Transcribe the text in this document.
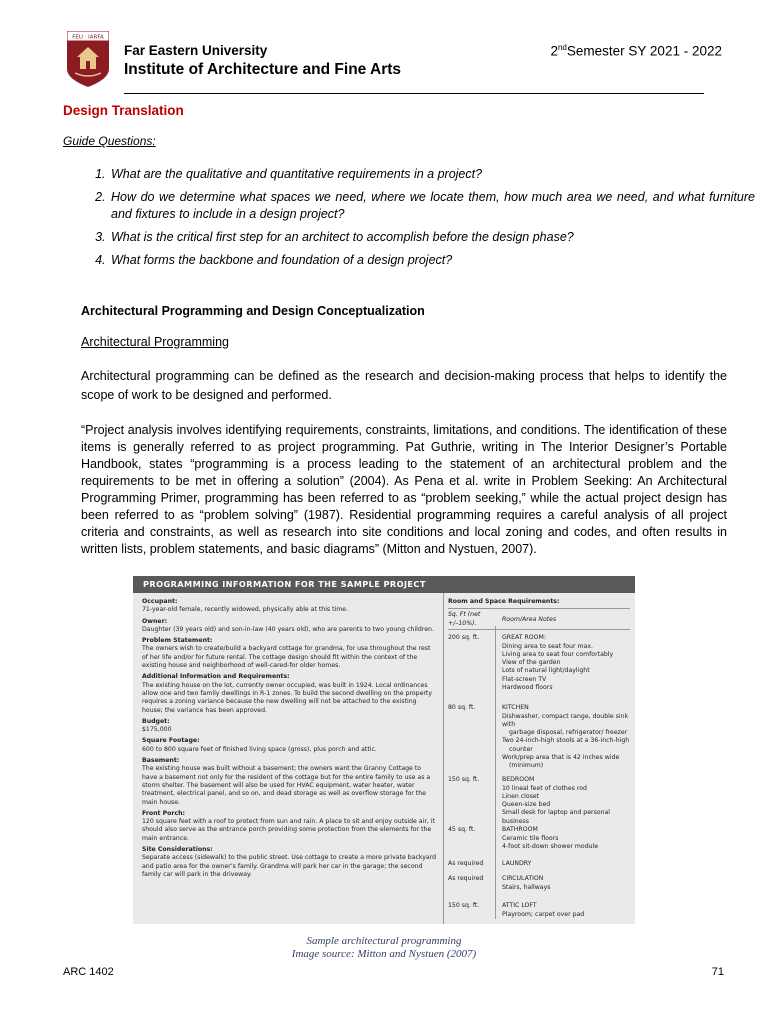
FEU · IARFA
Far Eastern University
Institute of Architecture and Fine Arts
2ndSemester SY 2021 - 2022
Design Translation
Guide Questions:
1. What are the qualitative and quantitative requirements in a project?
2. How do we determine what spaces we need, where we locate them, how much area we need, and what furniture and fixtures to include in a design project?
3. What is the critical first step for an architect to accomplish before the design phase?
4. What forms the backbone and foundation of a design project?
Architectural Programming and Design Conceptualization
Architectural Programming

Architectural programming can be defined as the research and decision-making process that helps to identify the scope of work to be designed and performed.

“Project analysis involves identifying requirements, constraints, limitations, and conditions. The identification of these items is generally referred to as project programming. Pat Guthrie, writing in The Interior Designer’s Portable Handbook, states “programming is a process leading to the statement of an architectural problem and the requirements to be met in offering a solution” (2004). As Pena et al. write in Problem Seeking: An Architectural Programming Primer, programming has been referred to as “problem seeking,” while the actual project design has been referred to as “problem solving” (1987). Residential programming requires a careful analysis of all project criteria and constraints, as well as research into site conditions and local zoning and codes, and often results in written lists, problem statements, and basic diagrams” (Mitton and Nystuen, 2007).

PROGRAMMING INFORMATION FOR THE SAMPLE PROJECT
Occupant:
71-year-old female, recently widowed, physically able at this time.
Owner:
Daughter (39 years old) and son-in-law (40 years old), who are parents to two young children.
Problem Statement:
The owners wish to create/build a backyard cottage for grandma, for use throughout the rest of her life and/or for future rental. The cottage design should fit within the context of the existing house and neighborhood of well-cared-for older homes.
Additional Information and Requirements:
The existing house on the lot, currently owner occupied, was built in 1924. Local ordinances allow one and two family dwellings in R-1 zones. To build the second dwelling on the property requires a zoning variance because the new dwelling will not be attached to the existing house; the variance has been approved.
Budget:
$175,000
Square Footage:
600 to 800 square feet of finished living space (gross), plus porch and attic.
Basement:
The existing house was built without a basement; the owners want the Granny Cottage to have a basement not only for the resident of the cottage but for the entire family to use as a storm shelter. The basement will also be used for HVAC equipment, water heater, water treatment, electrical panel, and so on, and dead storage as well as overflow storage for the main house.
Front Porch:
120 square feet with a roof to protect from sun and rain. A place to sit and enjoy outside air, it should also serve as the entrance porch providing some protection from the elements for the main entrance.
Site Considerations:
Separate access (sidewalk) to the public street. Use cottage to create a more private backyard and patio area for the owner’s family. Grandma will park her car in the garage; the second family car will park in the driveway.
Room and Space Requirements:
Sq. Ft (net +/–10%).	Room/Area Notes
200 sq. ft.	GREAT ROOM:
Dining area to seat four max.
Living area to seat four comfortably
View of the garden
Lots of natural light/daylight
Flat-screen TV
Hardwood floors
80 sq. ft.	KITCHEN
Dishwasher, compact range, double sink with
garbage disposal, refrigerator/ freezer
Two 24-inch-high stools at a 36-inch-high
counter
Work/prep area that is 42 inches wide
(minimum)
150 sq. ft.	BEDROOM
10 lineal feet of clothes rod
Linen closet
Queen-size bed
Small desk for laptop and personal business
45 sq. ft.	BATHROOM
Ceramic tile floors
4-foot sit-down shower module
As required	LAUNDRY
As required	CIRCULATION
Stairs, hallways
150 sq. ft.	ATTIC LOFT
Playroom; carpet over pad
Sample architectural programming
Image source: Mitton and Nystuen (2007)
ARC 1402	71
